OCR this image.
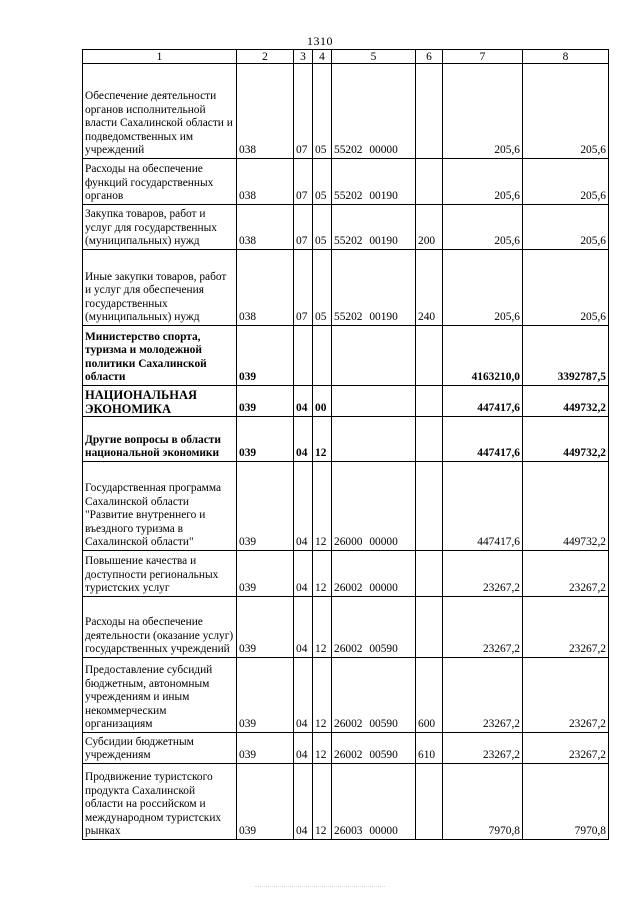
1310
1	2	3	4	5	6	7	8
Обеспечение деятельности органов исполнительной власти Сахалинской области и подведомственных им учреждений	038	07	05	55202 00000		205,6	205,6
Расходы на обеспечение функций государственных органов	038	07	05	55202 00190		205,6	205,6
Закупка товаров, работ и услуг для государственных (муниципальных) нужд	038	07	05	55202 00190	200	205,6	205,6
Иные закупки товаров, работ и услуг для обеспечения государственных (муниципальных) нужд	038	07	05	55202 00190	240	205,6	205,6
Министерство спорта, туризма и молодежной политики Сахалинской области	039					4163210,0	3392787,5
НАЦИОНАЛЬНАЯ ЭКОНОМИКА	039	04	00			447417,6	449732,2
Другие вопросы в области национальной экономики	039	04	12			447417,6	449732,2
Государственная программа Сахалинской области "Развитие внутреннего и въездного туризма в Сахалинской области"	039	04	12	26000 00000		447417,6	449732,2
Повышение качества и доступности региональных туристских услуг	039	04	12	26002 00000		23267,2	23267,2
Расходы на обеспечение деятельности (оказание услуг) государственных учреждений	039	04	12	26002 00590		23267,2	23267,2
Предоставление субсидий бюджетным, автономным учреждениям и иным некоммерческим организациям	039	04	12	26002 00590	600	23267,2	23267,2
Субсидии бюджетным учреждениям	039	04	12	26002 00590	610	23267,2	23267,2
Продвижение туристского продукта Сахалинской области на российском и международном туристских рынках	039	04	12	26003 00000		7970,8	7970,8
